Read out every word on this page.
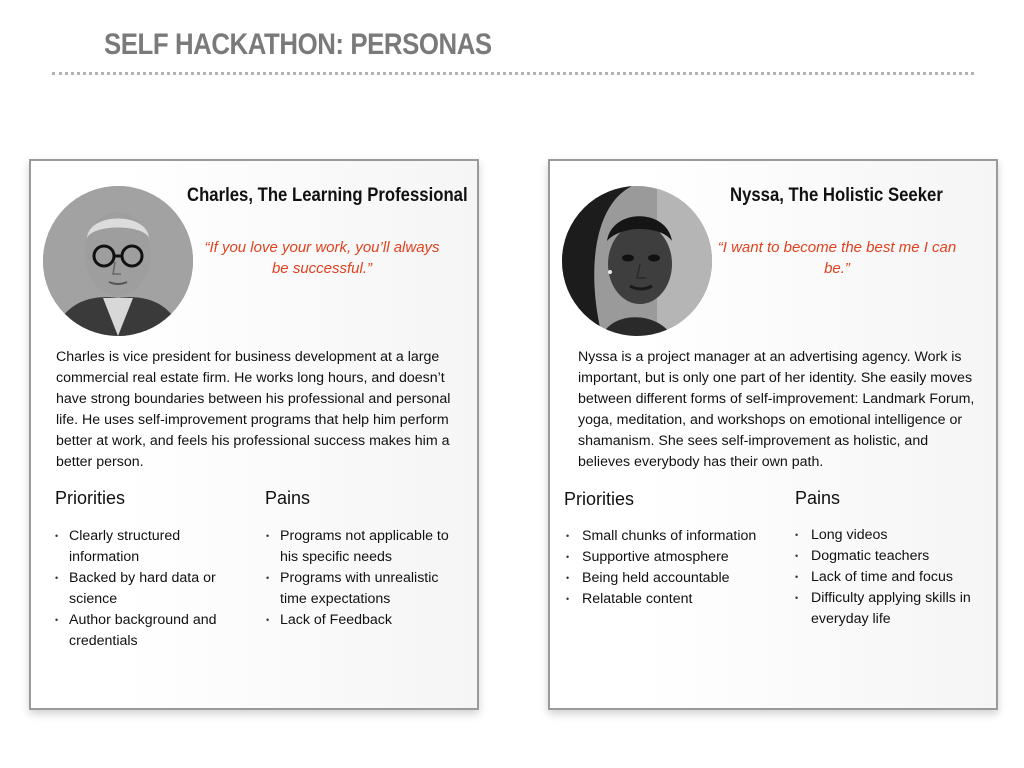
SELF HACKATHON: PERSONAS
Charles, The Learning Professional
“If you love your work, you’ll always be successful.”

Charles is vice president for business development at a large commercial real estate firm. He works long hours, and doesn’t have strong boundaries between his professional and personal life. He uses self-improvement programs that help him perform better at work, and feels his professional success makes him a better person.

Priorities
• Clearly structured information
• Backed by hard data or science
• Author background and credentials
Pains
• Programs not applicable to his specific needs
• Programs with unrealistic time expectations
• Lack of Feedback
Nyssa, The Holistic Seeker
“I want to become the best me I can be.”

Nyssa is a project manager at an advertising agency. Work is important, but is only one part of her identity. She easily moves between different forms of self-improvement: Landmark Forum, yoga, meditation, and workshops on emotional intelligence or shamanism. She sees self-improvement as holistic, and believes everybody has their own path.

Priorities
• Small chunks of information
• Supportive atmosphere
• Being held accountable
• Relatable content
Pains
• Long videos
• Dogmatic teachers
• Lack of time and focus
• Difficulty applying skills in everyday life
